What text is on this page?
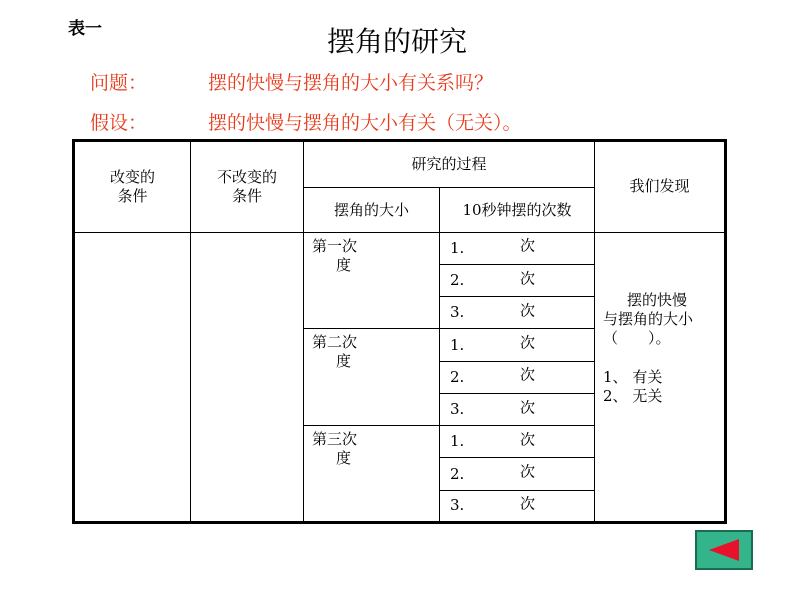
表一	摆角的研究
问题：	摆的快慢与摆角的大小有关系吗？
假设：	摆的快慢与摆角的大小有关（无关）。
改变的
条件	不改变的
条件	研究的过程		我们发现
		摆角的大小	10秒钟摆的次数	

		第一次
度	1. 次	摆的快慢
与摆角的大小
（　　）。
1、 有关
2、 无关

			2. 次	

			3. 次	

		第二次
度	1. 次	

			2. 次	

			3. 次	

		第三次
度	1. 次	

			2. 次	

			3. 次	
